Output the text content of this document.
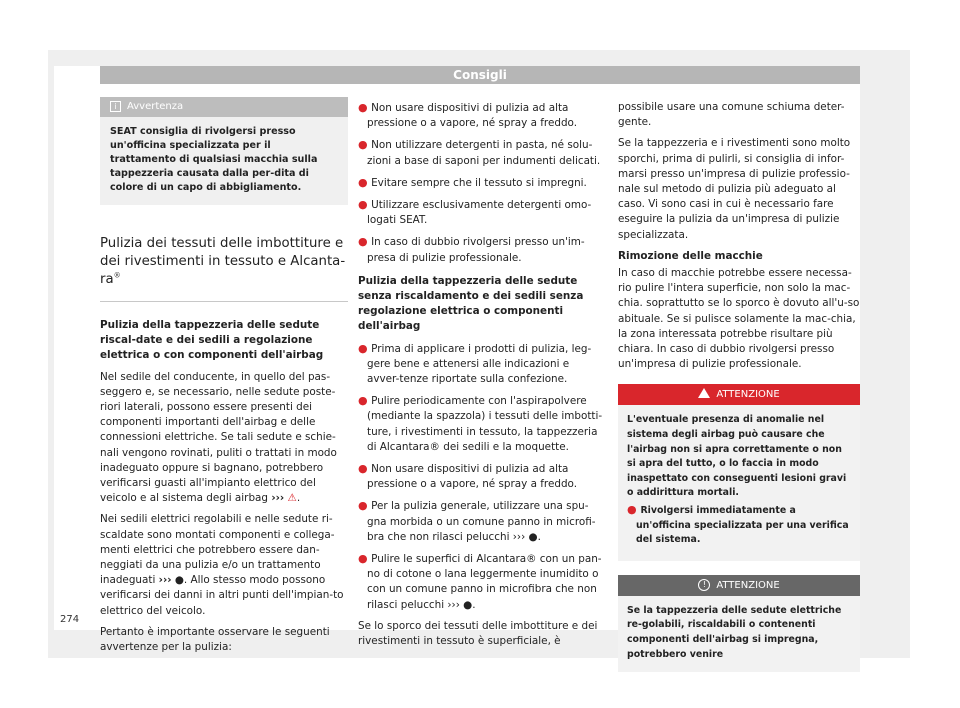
Consigli
i Avvertenza
SEAT consiglia di rivolgersi presso un'officina specializzata per il trattamento di qualsiasi macchia sulla tappezzeria causata dalla per-dita di colore di un capo di abbigliamento.
Pulizia dei tessuti delle imbottiture e dei rivestimenti in tessuto e Alcanta-ra®

Pulizia della tappezzeria delle sedute riscal-date e dei sedili a regolazione elettrica o con componenti dell'airbag

Nel sedile del conducente, in quello del pas-seggero e, se necessario, nelle sedute poste-riori laterali, possono essere presenti dei componenti importanti dell'airbag e delle connessioni elettriche. Se tali sedute e schie-nali vengono rovinati, puliti o trattati in modo inadeguato oppure si bagnano, potrebbero verificarsi guasti all'impianto elettrico del veicolo e al sistema degli airbag ››› ⚠.

Nei sedili elettrici regolabili e nelle sedute ri-scaldate sono montati componenti e collega-menti elettrici che potrebbero essere dan-neggiati da una pulizia e/o un trattamento inadeguati ››› ●. Allo stesso modo possono verificarsi dei danni in altri punti dell'impian-to elettrico del veicolo.

Pertanto è importante osservare le seguenti avvertenze per la pulizia:

● Non usare dispositivi di pulizia ad alta pressione o a vapore, né spray a freddo.

● Non utilizzare detergenti in pasta, né solu-zioni a base di saponi per indumenti delicati.

● Evitare sempre che il tessuto si impregni.

● Utilizzare esclusivamente detergenti omo-logati SEAT.

● In caso di dubbio rivolgersi presso un'im-presa di pulizie professionale.

Pulizia della tappezzeria delle sedute senza riscaldamento e dei sedili senza regolazione elettrica o componenti dell'airbag

● Prima di applicare i prodotti di pulizia, leg-gere bene e attenersi alle indicazioni e avver-tenze riportate sulla confezione.

● Pulire periodicamente con l'aspirapolvere (mediante la spazzola) i tessuti delle imbotti-ture, i rivestimenti in tessuto, la tappezzeria di Alcantara® dei sedili e la moquette.

● Non usare dispositivi di pulizia ad alta pressione o a vapore, né spray a freddo.

● Per la pulizia generale, utilizzare una spu-gna morbida o un comune panno in microfi-bra che non rilasci pelucchi ››› ●.

● Pulire le superfici di Alcantara® con un pan-no di cotone o lana leggermente inumidito o con un comune panno in microfibra che non rilasci pelucchi ››› ●.

Se lo sporco dei tessuti delle imbottiture e dei rivestimenti in tessuto è superficiale, è

possibile usare una comune schiuma deter-gente.

Se la tappezzeria e i rivestimenti sono molto sporchi, prima di pulirli, si consiglia di infor-marsi presso un'impresa di pulizie professio-nale sul metodo di pulizia più adeguato al caso. Vi sono casi in cui è necessario fare eseguire la pulizia da un'impresa di pulizie specializzata.

Rimozione delle macchie

In caso di macchie potrebbe essere necessa-rio pulire l'intera superficie, non solo la mac-chia. soprattutto se lo sporco è dovuto all'u-so abituale. Se si pulisce solamente la mac-chia, la zona interessata potrebbe risultare più chiara. In caso di dubbio rivolgersi presso un'impresa di pulizie professionale.

ATTENZIONE
L'eventuale presenza di anomalie nel sistema degli airbag può causare che l'airbag non si apra correttamente o non si apra del tutto, o lo faccia in modo inaspettato con conseguenti lesioni gravi o addirittura mortali.
● Rivolgersi immediatamente a un'officina specializzata per una verifica del sistema.
! ATTENZIONE
Se la tappezzeria delle sedute elettriche re-golabili, riscaldabili o contenenti componenti dell'airbag si impregna, potrebbero venire
274
